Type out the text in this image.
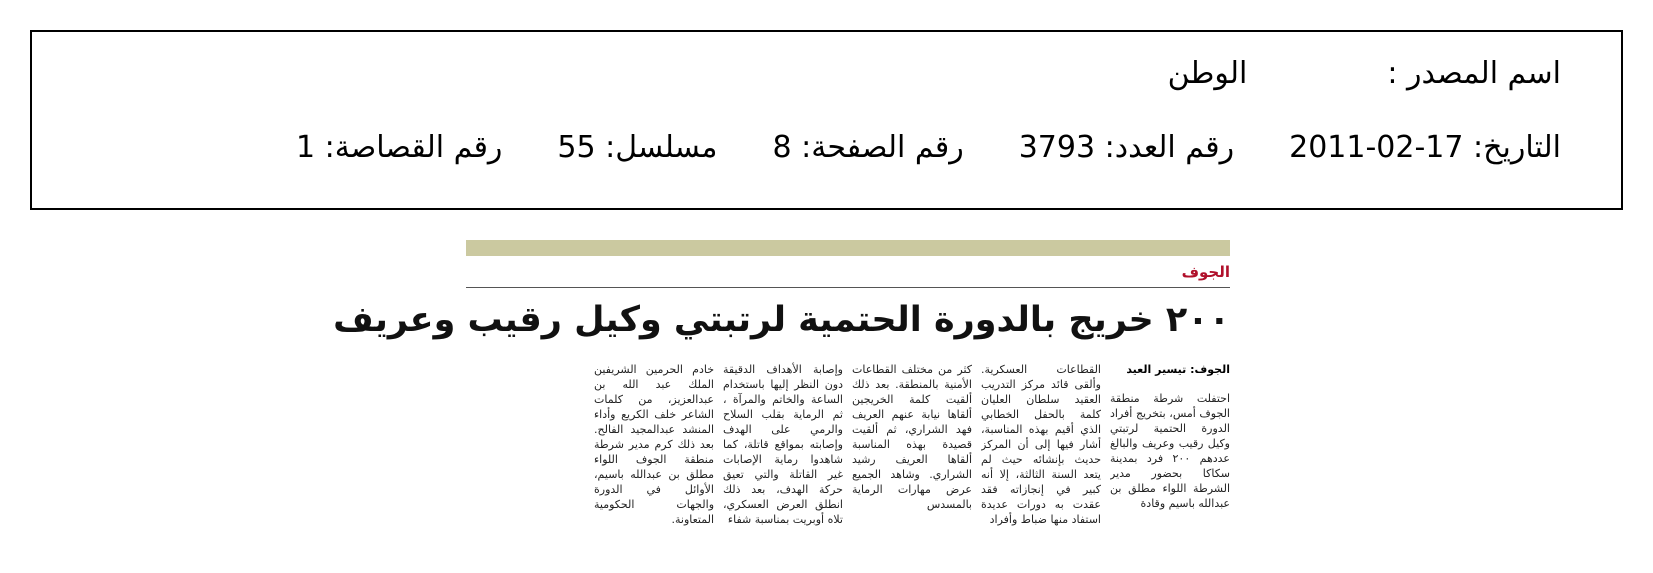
اسم المصدر :الوطن
التاريخ: 2011-02-17رقم العدد: 3793رقم الصفحة: 8مسلسل: 55رقم القصاصة: 1
الجوف
٢٠٠ خريج بالدورة الحتمية لرتبتي وكيل رقيب وعريف
الجوف: تيسير العيد
احتفلت شرطة منطقة الجوف أمس، بتخريج أفراد الدورة الحتمية لرتبتي وكيل رقيب وعريف والبالغ عددهم ٢٠٠ فرد بمدينة سكاكا بحضور مدير الشرطة اللواء مطلق بن عبدالله باسيم وقادة
القطاعات العسكرية. وألقى قائد مركز التدريب العقيد سلطان العليان كلمة بالحفل الخطابي الذي أقيم بهذه المناسبة، أشار فيها إلى أن المركز حديث بإنشائه حيث لم يتعد السنة الثالثة، إلا أنه كبير في إنجازاته فقد عقدت به دورات عديدة استفاد منها ضباط وأفراد
كثر من مختلف القطاعات الأمنية بالمنطقة. بعد ذلك ألقيت كلمة الخريجين ألقاها نيابة عنهم العريف فهد الشراري، ثم ألقيت قصيدة بهذه المناسبة ألقاها العريف رشيد الشراري. وشاهد الجميع عرض مهارات الرماية بالمسدس
وإصابة الأهداف الدقيقة دون النظر إليها باستخدام الساعة والخاتم والمرآة ، ثم الرماية بقلب السلاح والرمي على الهدف وإصابته بمواقع قاتلة، كما شاهدوا رماية الإصابات غير القاتلة والتي تعيق حركة الهدف، بعد ذلك انطلق العرض العسكري، تلاه أوبريت بمناسبة شفاء
خادم الحرمين الشريفين الملك عبد الله بن عبدالعزيز، من كلمات الشاعر خلف الكريع وأداء المنشد عبدالمجيد الفالح. بعد ذلك كرم مدير شرطة منطقة الجوف اللواء مطلق بن عبدالله باسيم، الأوائل في الدورة والجهات الحكومية المتعاونة.
